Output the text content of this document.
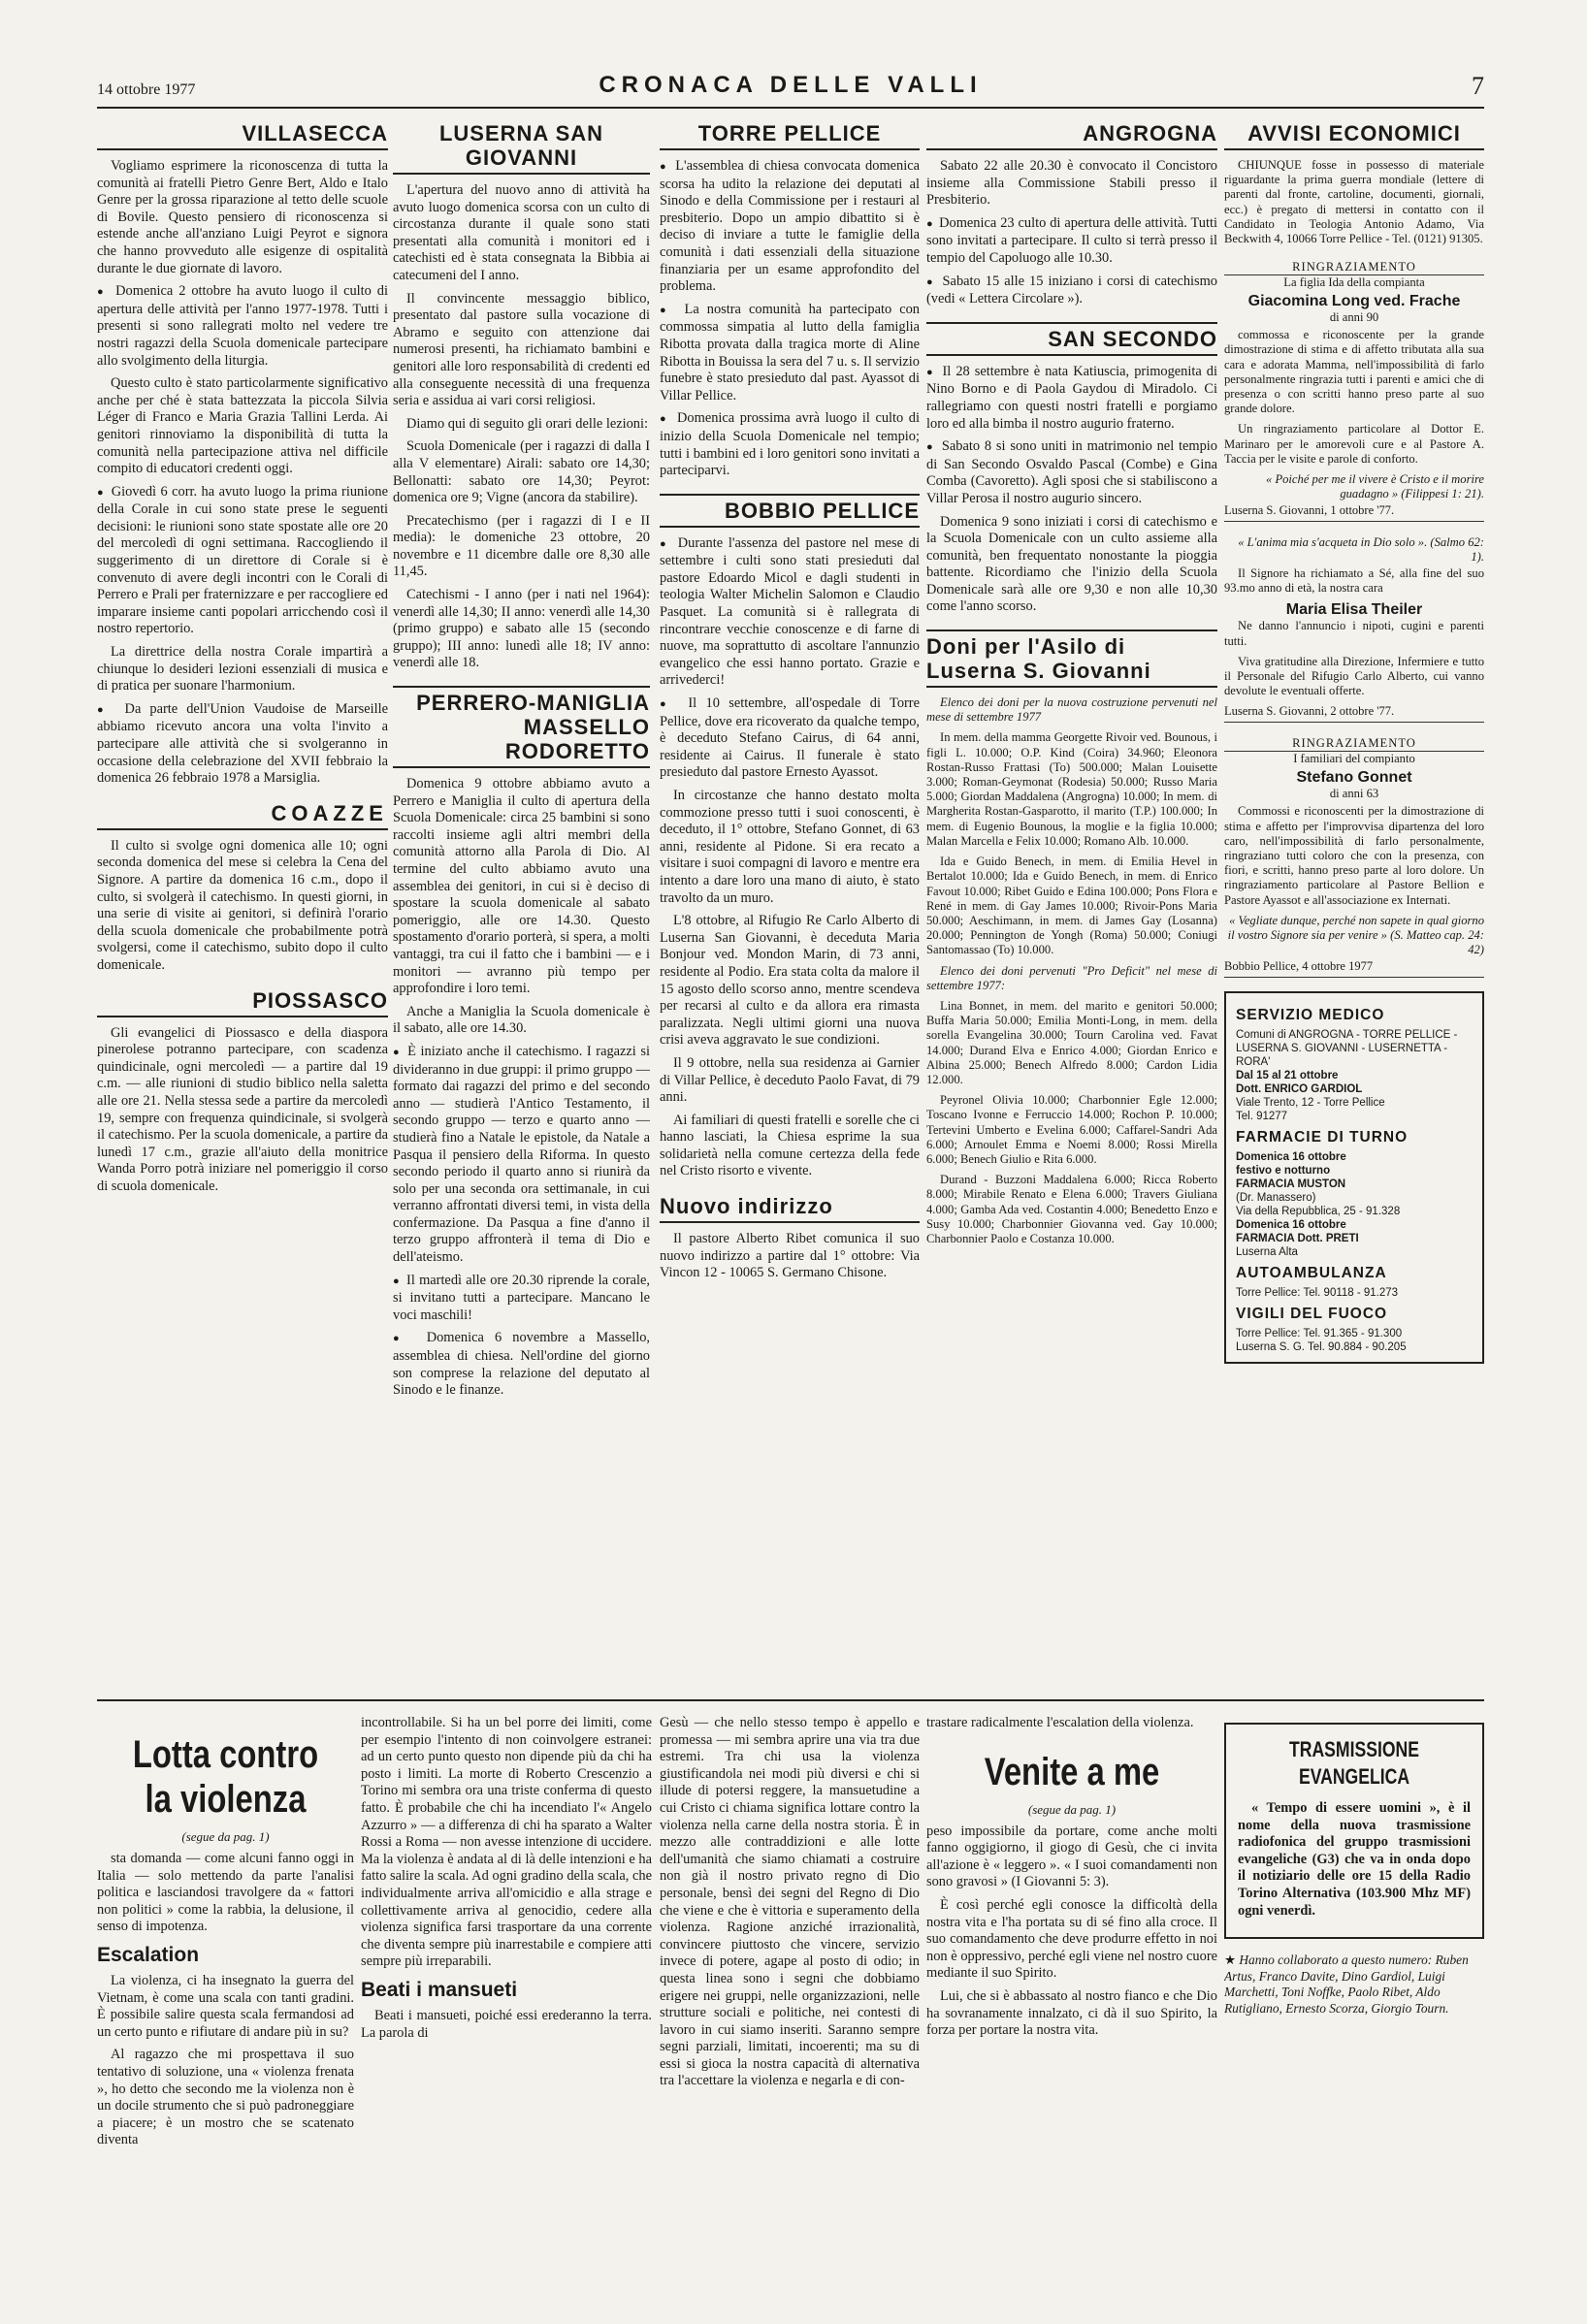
14 ottobre 1977	CRONACA DELLE VALLI	7
VILLASECCA

Vogliamo esprimere la riconoscenza di tutta la comunità ai fratelli Pietro Genre Bert, Aldo e Italo Genre per la grossa riparazione al tetto delle scuole di Bovile. Questo pensiero di riconoscenza si estende anche all'anziano Luigi Peyrot e signora che hanno provveduto alle esigenze di ospitalità durante le due giornate di lavoro.

●  Domenica 2 ottobre ha avuto luogo il culto di apertura delle attività per l'anno 1977-1978. Tutti i presenti si sono rallegrati molto nel vedere tre nostri ragazzi della Scuola domenicale partecipare allo svolgimento della liturgia.

Questo culto è stato particolarmente significativo anche per ché è stata battezzata la piccola Silvia Léger di Franco e Maria Grazia Tallini Lerda. Ai genitori rinnoviamo la disponibilità di tutta la comunità nella partecipazione attiva nel difficile compito di educatori credenti oggi.

●  Giovedì 6 corr. ha avuto luogo la prima riunione della Corale in cui sono state prese le seguenti decisioni: le riunioni sono state spostate alle ore 20 del mercoledì di ogni settimana. Raccogliendo il suggerimento di un direttore di Corale si è convenuto di avere degli incontri con le Corali di Perrero e Prali per fraternizzare e per raccogliere ed imparare insieme canti popolari arricchendo così il nostro repertorio.

La direttrice della nostra Corale impartirà a chiunque lo desideri lezioni essenziali di musica e di pratica per suonare l'harmonium.

●  Da parte dell'Union Vaudoise de Marseille abbiamo ricevuto ancora una volta l'invito a partecipare alle attività che si svolgeranno in occasione della celebrazione del XVII febbraio la domenica 26 febbraio 1978 a Marsiglia.

COAZZE

Il culto si svolge ogni domenica alle 10; ogni seconda domenica del mese si celebra la Cena del Signore. A partire da domenica 16 c.m., dopo il culto, si svolgerà il catechismo. In questi giorni, in una serie di visite ai genitori, si definirà l'orario della scuola domenicale che probabilmente potrà svolgersi, come il catechismo, subito dopo il culto domenicale.

PIOSSASCO

Gli evangelici di Piossasco e della diaspora pinerolese potranno partecipare, con scadenza quindicinale, ogni mercoledì — a partire dal 19 c.m. — alle riunioni di studio biblico nella saletta alle ore 21. Nella stessa sede a partire da mercoledì 19, sempre con frequenza quindicinale, si svolgerà il catechismo. Per la scuola domenicale, a partire da lunedì 17 c.m., grazie all'aiuto della monitrice Wanda Porro potrà iniziare nel pomeriggio il corso di scuola domenicale.

LUSERNA SAN GIOVANNI

L'apertura del nuovo anno di attività ha avuto luogo domenica scorsa con un culto di circostanza durante il quale sono stati presentati alla comunità i monitori ed i catechisti ed è stata consegnata la Bibbia ai catecumeni del I anno.

Il convincente messaggio biblico, presentato dal pastore sulla vocazione di Abramo e seguito con attenzione dai numerosi presenti, ha richiamato bambini e genitori alle loro responsabilità di credenti ed alla conseguente necessità di una frequenza seria e assidua ai vari corsi religiosi.

Diamo qui di seguito gli orari delle lezioni:

Scuola Domenicale (per i ragazzi di dalla I alla V elementare) Airali: sabato ore 14,30; Bellonatti: sabato ore 14,30; Peyrot: domenica ore 9; Vigne (ancora da stabilire).

Precatechismo (per i ragazzi di I e II media): le domeniche 23 ottobre, 20 novembre e 11 dicembre dalle ore 8,30 alle 11,45.

Catechismi - I anno (per i nati nel 1964): venerdì alle 14,30; II anno: venerdì alle 14,30 (primo gruppo) e sabato alle 15 (secondo gruppo); III anno: lunedì alle 18; IV anno: venerdì alle 18.

PERRERO-MANIGLIA MASSELLO RODORETTO

Domenica 9 ottobre abbiamo avuto a Perrero e Maniglia il culto di apertura della Scuola Domenicale: circa 25 bambini si sono raccolti insieme agli altri membri della comunità attorno alla Parola di Dio. Al termine del culto abbiamo avuto una assemblea dei genitori, in cui si è deciso di spostare la scuola domenicale al sabato pomeriggio, alle ore 14.30. Questo spostamento d'orario porterà, si spera, a molti vantaggi, tra cui il fatto che i bambini — e i monitori — avranno più tempo per approfondire i loro temi.

Anche a Maniglia la Scuola domenicale è il sabato, alle ore 14.30.

●  È iniziato anche il catechismo. I ragazzi si divideranno in due gruppi: il primo gruppo — formato dai ragazzi del primo e del secondo anno — studierà l'Antico Testamento, il secondo gruppo — terzo e quarto anno — studierà fino a Natale le epistole, da Natale a Pasqua il pensiero della Riforma. In questo secondo periodo il quarto anno si riunirà da solo per una seconda ora settimanale, in cui verranno affrontati diversi temi, in vista della confermazione. Da Pasqua a fine d'anno il terzo gruppo affronterà il tema di Dio e dell'ateismo.

●  Il martedì alle ore 20.30 riprende la corale, si invitano tutti a partecipare. Mancano le voci maschili!

●  Domenica 6 novembre a Massello, assemblea di chiesa. Nell'ordine del giorno son comprese la relazione del deputato al Sinodo e le finanze.

TORRE PELLICE

●  L'assemblea di chiesa convocata domenica scorsa ha udito la relazione dei deputati al Sinodo e della Commissione per i restauri al presbiterio. Dopo un ampio dibattito si è deciso di inviare a tutte le famiglie della comunità i dati essenziali della situazione finanziaria per un esame approfondito del problema.

●  La nostra comunità ha partecipato con commossa simpatia al lutto della famiglia Ribotta provata dalla tragica morte di Aline Ribotta in Bouissa la sera del 7 u. s. Il servizio funebre è stato presieduto dal past. Ayassot di Villar Pellice.

●  Domenica prossima avrà luogo il culto di inizio della Scuola Domenicale nel tempio; tutti i bambini ed i loro genitori sono invitati a parteciparvi.

BOBBIO PELLICE

●  Durante l'assenza del pastore nel mese di settembre i culti sono stati presieduti dal pastore Edoardo Micol e dagli studenti in teologia Walter Michelin Salomon e Claudio Pasquet. La comunità si è rallegrata di rincontrare vecchie conoscenze e di farne di nuove, ma soprattutto di ascoltare l'annunzio evangelico che essi hanno portato. Grazie e arrivederci!

●  Il 10 settembre, all'ospedale di Torre Pellice, dove era ricoverato da qualche tempo, è deceduto Stefano Cairus, di 64 anni, residente ai Cairus. Il funerale è stato presieduto dal pastore Ernesto Ayassot.

In circostanze che hanno destato molta commozione presso tutti i suoi conoscenti, è deceduto, il 1° ottobre, Stefano Gonnet, di 63 anni, residente al Pidone. Si era recato a visitare i suoi compagni di lavoro e mentre era intento a dare loro una mano di aiuto, è stato travolto da un muro.

L'8 ottobre, al Rifugio Re Carlo Alberto di Luserna San Giovanni, è deceduta Maria Bonjour ved. Mondon Marin, di 73 anni, residente al Podio. Era stata colta da malore il 15 agosto dello scorso anno, mentre scendeva per recarsi al culto e da allora era rimasta paralizzata. Negli ultimi giorni una nuova crisi aveva aggravato le sue condizioni.

Il 9 ottobre, nella sua residenza ai Garnier di Villar Pellice, è deceduto Paolo Favat, di 79 anni.

Ai familiari di questi fratelli e sorelle che ci hanno lasciati, la Chiesa esprime la sua solidarietà nella comune certezza della fede nel Cristo risorto e vivente.

Nuovo indirizzo

Il pastore Alberto Ribet comunica il suo nuovo indirizzo a partire dal 1° ottobre: Via Vincon 12 - 10065 S. Germano Chisone.

ANGROGNA

Sabato 22 alle 20.30 è convocato il Concistoro insieme alla Commissione Stabili presso il Presbiterio.

●  Domenica 23 culto di apertura delle attività. Tutti sono invitati a partecipare. Il culto si terrà presso il tempio del Capoluogo alle 10.30.

●  Sabato 15 alle 15 iniziano i corsi di catechismo (vedi « Lettera Circolare »).

SAN SECONDO

●  Il 28 settembre è nata Katiuscia, primogenita di Nino Borno e di Paola Gaydou di Miradolo. Ci rallegriamo con questi nostri fratelli e porgiamo loro ed alla bimba il nostro augurio fraterno.

●  Sabato 8 si sono uniti in matrimonio nel tempio di San Secondo Osvaldo Pascal (Combe) e Gina Comba (Cavoretto). Agli sposi che si stabiliscono a Villar Perosa il nostro augurio sincero.

Domenica 9 sono iniziati i corsi di catechismo e la Scuola Domenicale con un culto assieme alla comunità, ben frequentato nonostante la pioggia battente. Ricordiamo che l'inizio della Scuola Domenicale sarà alle ore 9,30 e non alle 10,30 come l'anno scorso.

Doni per l'Asilo di Luserna S. Giovanni

Elenco dei doni per la nuova costruzione pervenuti nel mese di settembre 1977

In mem. della mamma Georgette Rivoir ved. Bounous, i figli L. 10.000; O.P. Kind (Coira) 34.960; Eleonora Rostan-Russo Frattasi (To) 500.000; Malan Louisette 3.000; Roman-Geymonat (Rodesia) 50.000; Russo Maria 5.000; Giordan Maddalena (Angrogna) 10.000; In mem. di Margherita Rostan-Gasparotto, il marito (T.P.) 100.000; In mem. di Eugenio Bounous, la moglie e la figlia 10.000; Malan Marcella e Felix 10.000; Romano Alb. 10.000.

Ida e Guido Benech, in mem. di Emilia Hevel in Bertalot 10.000; Ida e Guido Benech, in mem. di Enrico Favout 10.000; Ribet Guido e Edina 100.000; Pons Flora e René in mem. di Gay James 10.000; Rivoir-Pons Maria 50.000; Aeschimann, in mem. di James Gay (Losanna) 20.000; Pennington de Yongh (Roma) 50.000; Coniugi Santomassao (To) 10.000.

Elenco dei doni pervenuti "Pro Deficit" nel mese di settembre 1977:

Lina Bonnet, in mem. del marito e genitori 50.000; Buffa Maria 50.000; Emilia Monti-Long, in mem. della sorella Evangelina 30.000; Tourn Carolina ved. Favat 14.000; Durand Elva e Enrico 4.000; Giordan Enrico e Albina 25.000; Benech Alfredo 8.000; Cardon Lidia 12.000.

Peyronel Olivia 10.000; Charbonnier Egle 12.000; Toscano Ivonne e Ferruccio 14.000; Rochon P. 10.000; Tertevini Umberto e Evelina 6.000; Caffarel-Sandri Ada 6.000; Arnoulet Emma e Noemi 8.000; Rossi Mirella 6.000; Benech Giulio e Rita 6.000.

Durand - Buzzoni Maddalena 6.000; Ricca Roberto 8.000; Mirabile Renato e Elena 6.000; Travers Giuliana 4.000; Gamba Ada ved. Costantin 4.000; Benedetto Enzo e Susy 10.000; Charbonnier Giovanna ved. Gay 10.000; Charbonnier Paolo e Costanza 10.000.

AVVISI ECONOMICI

CHIUNQUE fosse in possesso di materiale riguardante la prima guerra mondiale (lettere di parenti dal fronte, cartoline, documenti, giornali, ecc.) è pregato di mettersi in contatto con il Candidato in Teologia Antonio Adamo, Via Beckwith 4, 10066 Torre Pellice - Tel. (0121) 91305.

RINGRAZIAMENTO

La figlia Ida della compianta

Giacomina Long ved. Frache

di anni 90

commossa e riconoscente per la grande dimostrazione di stima e di affetto tributata alla sua cara e adorata Mamma, nell'impossibilità di farlo personalmente ringrazia tutti i parenti e amici che di presenza o con scritti hanno preso parte al suo grande dolore.

Un ringraziamento particolare al Dottor E. Marinaro per le amorevoli cure e al Pastore A. Taccia per le visite e parole di conforto.

« Poiché per me il vivere è Cristo e il morire guadagno » (Filippesi 1: 21).

Luserna S. Giovanni, 1 ottobre '77.

« L'anima mia s'acqueta in Dio solo ». (Salmo 62: 1).

Il Signore ha richiamato a Sé, alla fine del suo 93.mo anno di età, la nostra cara

Maria Elisa Theiler

Ne danno l'annuncio i nipoti, cugini e parenti tutti.

Viva gratitudine alla Direzione, Infermiere e tutto il Personale del Rifugio Carlo Alberto, cui vanno devolute le eventuali offerte.

Luserna S. Giovanni, 2 ottobre '77.
RINGRAZIAMENTO

I familiari del compianto

Stefano Gonnet

di anni 63

Commossi e riconoscenti per la dimostrazione di stima e affetto per l'improvvisa dipartenza del loro caro, nell'impossibilità di farlo personalmente, ringraziano tutti coloro che con la presenza, con fiori, e scritti, hanno preso parte al loro dolore. Un ringraziamento particolare al Pastore Bellion e Pastore Ayassot e all'associazione ex Internati.

« Vegliate dunque, perché non sapete in qual giorno il vostro Signore sia per venire » (S. Matteo cap. 24: 42)

Bobbio Pellice, 4 ottobre 1977
SERVIZIO MEDICO

Comuni di ANGROGNA - TORRE PELLICE - LUSERNA S. GIOVANNI - LUSERNETTA - RORA'

Dal 15 al 21 ottobre

Dott. ENRICO GARDIOL

Viale Trento, 12 - Torre Pellice

Tel. 91277

FARMACIE DI TURNO

Domenica 16 ottobre

festivo e notturno

FARMACIA MUSTON

(Dr. Manassero)

Via della Repubblica, 25 - 91.328

Domenica 16 ottobre

FARMACIA Dott. PRETI

Luserna Alta

AUTOAMBULANZA

Torre Pellice: Tel. 90118 - 91.273

VIGILI DEL FUOCO

Torre Pellice: Tel. 91.365 - 91.300

Luserna S. G. Tel. 90.884 - 90.205

Lotta contro la violenza
(segue da pag. 1)

sta domanda — come alcuni fanno oggi in Italia — solo mettendo da parte l'analisi politica e lasciandosi travolgere da « fattori non politici » come la rabbia, la delusione, il senso di impotenza.

Escalation

La violenza, ci ha insegnato la guerra del Vietnam, è come una scala con tanti gradini. È possibile salire questa scala fermandosi ad un certo punto e rifiutare di andare più in su?

Al ragazzo che mi prospettava il suo tentativo di soluzione, una « violenza frenata », ho detto che secondo me la violenza non è un docile strumento che si può padroneggiare a piacere; è un mostro che se scatenato diventa

incontrollabile. Si ha un bel porre dei limiti, come per esempio l'intento di non coinvolgere estranei: ad un certo punto questo non dipende più da chi ha posto i limiti. La morte di Roberto Crescenzio a Torino mi sembra ora una triste conferma di questo fatto. È probabile che chi ha incendiato l'« Angelo Azzurro » — a differenza di chi ha sparato a Walter Rossi a Roma — non avesse intenzione di uccidere. Ma la violenza è andata al di là delle intenzioni e ha fatto salire la scala. Ad ogni gradino della scala, che individualmente arriva all'omicidio e alla strage e collettivamente arriva al genocidio, cedere alla violenza significa farsi trasportare da una corrente che diventa sempre più inarrestabile e compiere atti sempre più irreparabili.

Beati i mansueti

Beati i mansueti, poiché essi erederanno la terra. La parola di

Gesù — che nello stesso tempo è appello e promessa — mi sembra aprire una via tra due estremi. Tra chi usa la violenza giustificandola nei modi più diversi e chi si illude di potersi reggere, la mansuetudine a cui Cristo ci chiama significa lottare contro la violenza nella carne della nostra storia. È in mezzo alle contraddizioni e alle lotte dell'umanità che siamo chiamati a costruire non già il nostro privato regno di Dio personale, bensì dei segni del Regno di Dio che viene e che è vittoria e superamento della violenza. Ragione anziché irrazionalità, convincere piuttosto che vincere, servizio invece di potere, agape al posto di odio; in questa linea sono i segni che dobbiamo erigere nei gruppi, nelle organizzazioni, nelle strutture sociali e politiche, nei contesti di lavoro in cui siamo inseriti. Saranno sempre segni parziali, limitati, incoerenti; ma su di essi si gioca la nostra capacità di alternativa tra l'accettare la violenza e negarla e di con-

trastare radicalmente l'escalation della violenza.

Venite a me
(segue da pag. 1)

peso impossibile da portare, come anche molti fanno oggigiorno, il giogo di Gesù, che ci invita all'azione è « leggero ». « I suoi comandamenti non sono gravosi » (I Giovanni 5: 3).

È così perché egli conosce la difficoltà della nostra vita e l'ha portata su di sé fino alla croce. Il suo comandamento che deve produrre effetto in noi non è oppressivo, perché egli viene nel nostro cuore mediante il suo Spirito.

Lui, che si è abbassato al nostro fianco e che Dio ha sovranamente innalzato, ci dà il suo Spirito, la forza per portare la nostra vita.

TRASMISSIONE EVANGELICA

« Tempo di essere uomini », è il nome della nuova trasmissione radiofonica del gruppo trasmissioni evangeliche (G3) che va in onda dopo il notiziario delle ore 15 della Radio Torino Alternativa (103.900 Mhz MF) ogni venerdì.

★ Hanno collaborato a questo numero: Ruben Artus, Franco Davite, Dino Gardiol, Luigi Marchetti, Toni Noffke, Paolo Ribet, Aldo Rutigliano, Ernesto Scorza, Giorgio Tourn.
